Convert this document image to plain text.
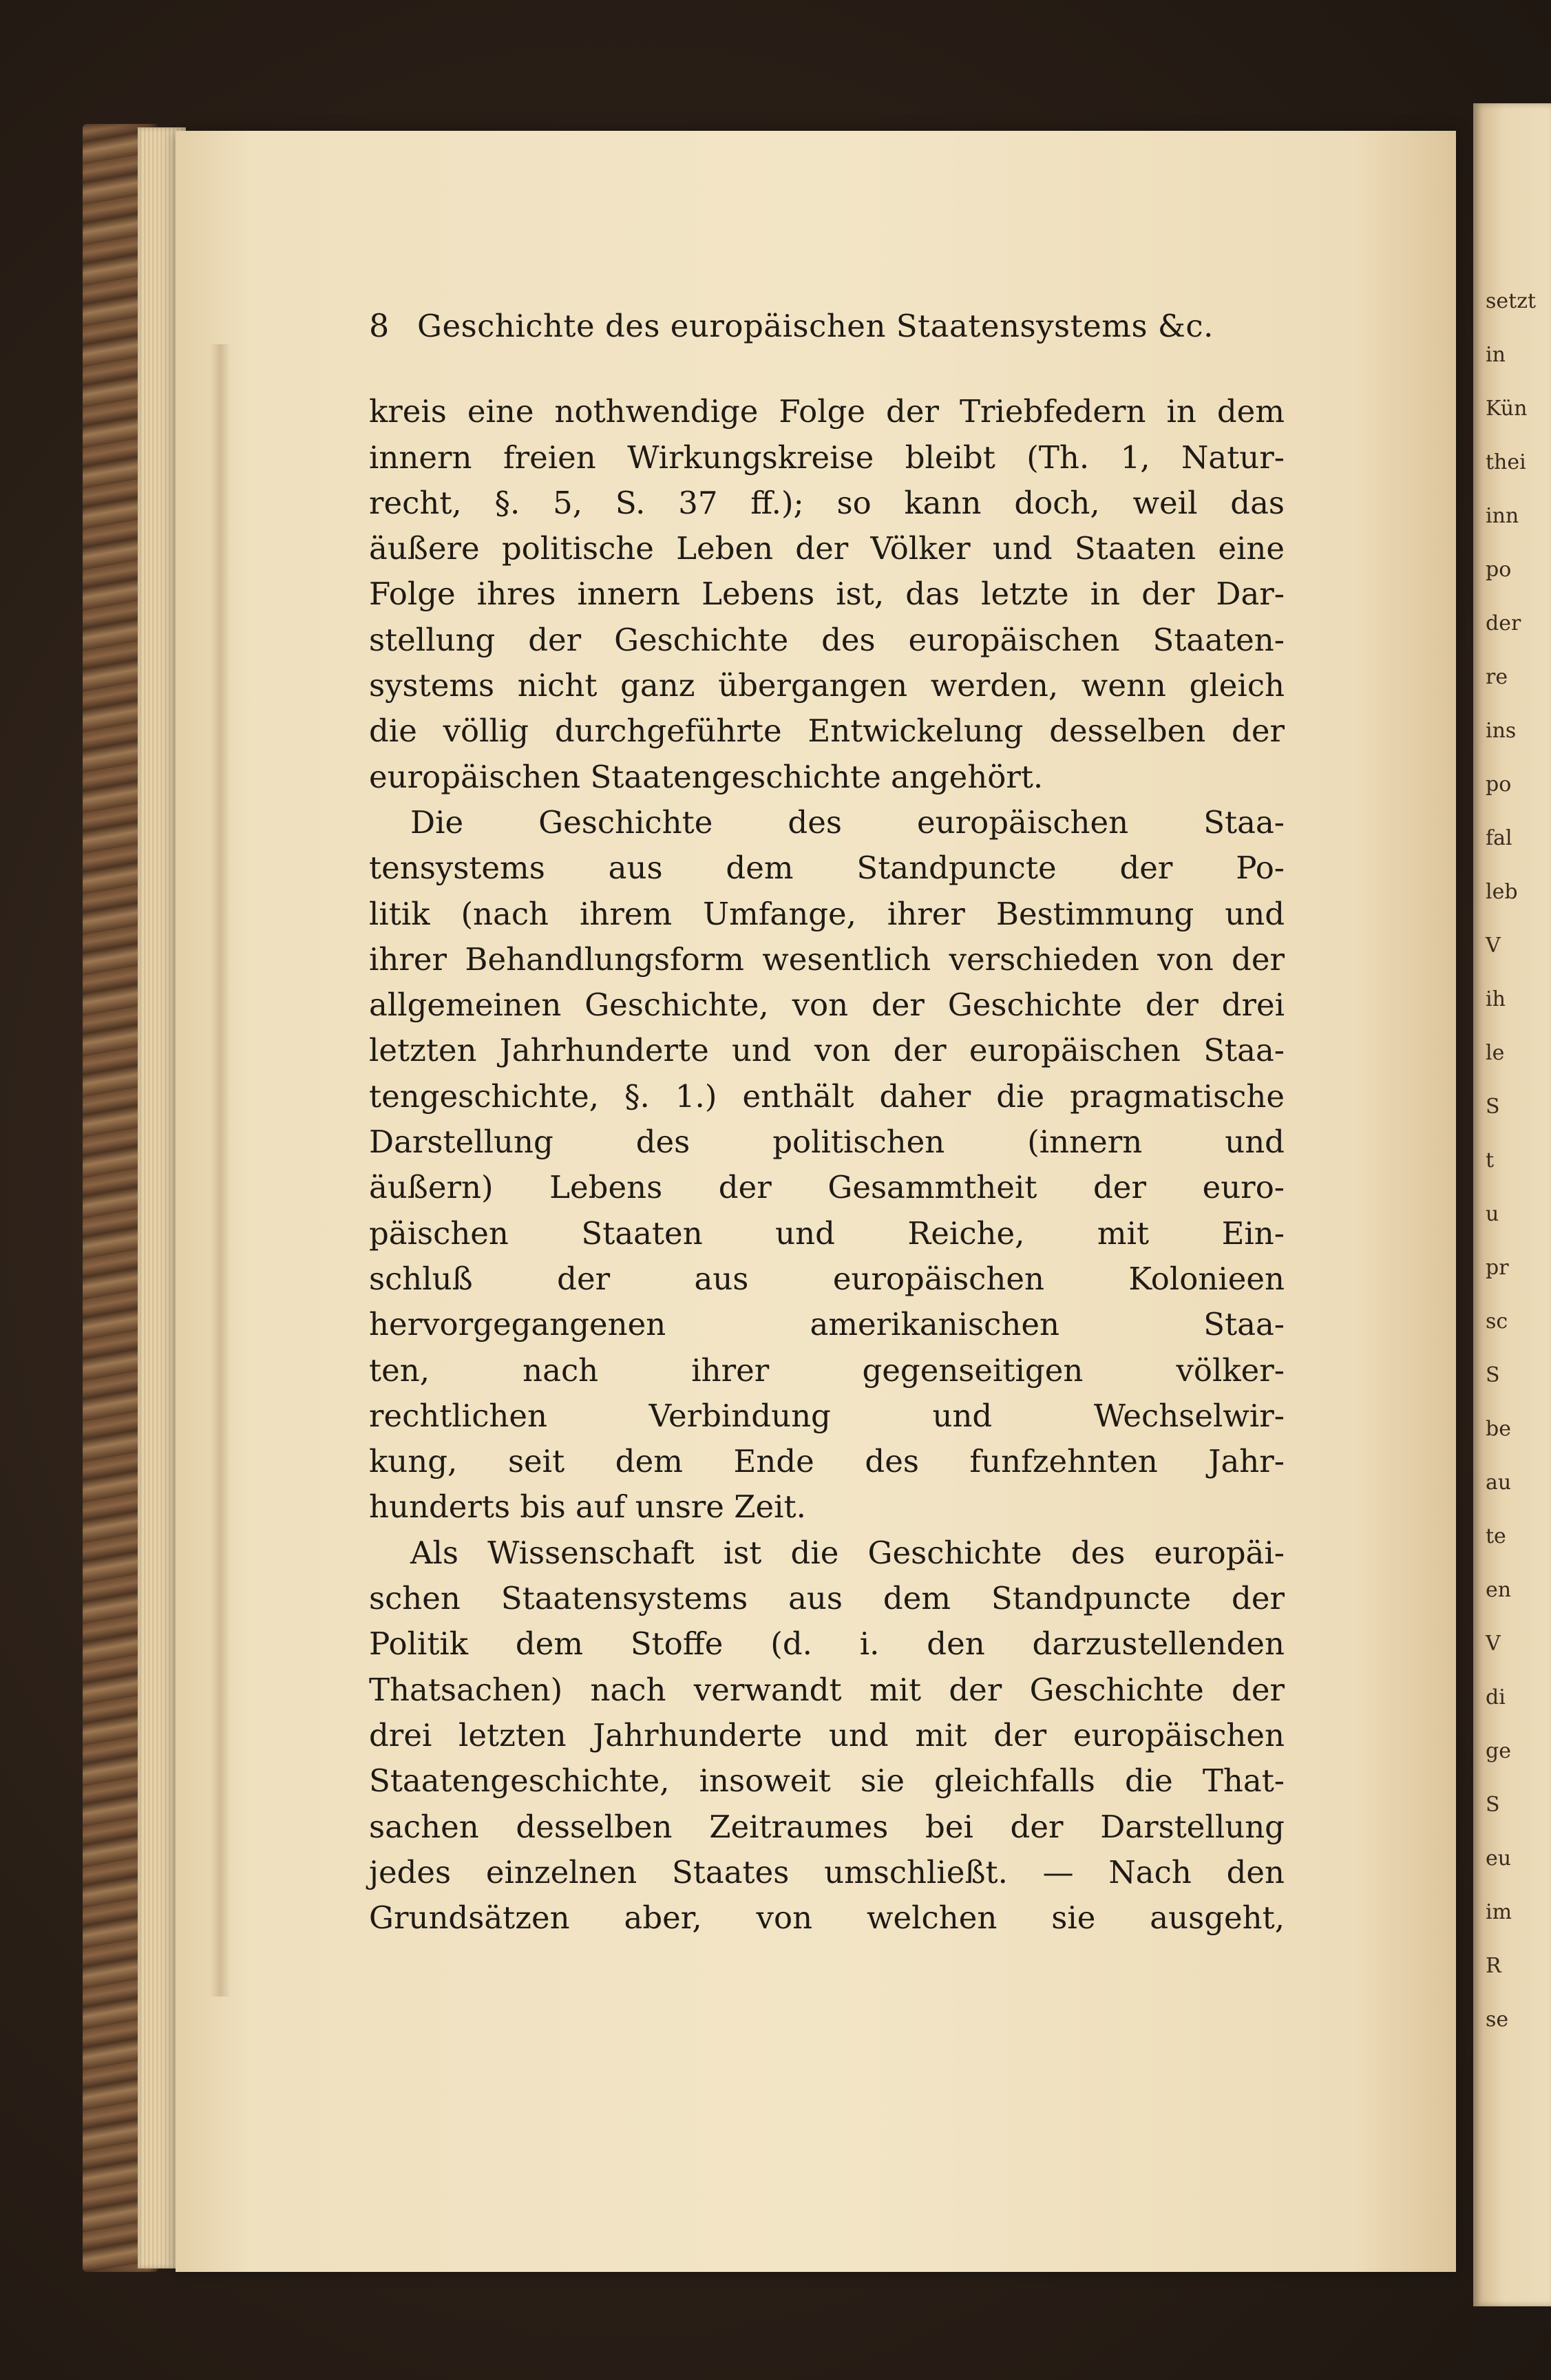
setzt
in
Kün
thei
inn
po
der
re
ins
po
fal
leb
V
ih
le
S
t
u
pr
sc
S
be
au
te
en
V
di
ge
S
eu
im
R
se
8 Geschichte des europäischen Staatensystems &c.
kreis eine nothwendige Folge der Triebfedern in dem
innern freien Wirkungskreise bleibt (Th. 1, Natur-
recht, §. 5, S. 37 ff.); so kann doch, weil das
äußere politische Leben der Völker und Staaten eine
Folge ihres innern Lebens ist, das letzte in der Dar-
stellung der Geschichte des europäischen Staaten-
systems nicht ganz übergangen werden, wenn gleich
die völlig durchgeführte Entwickelung desselben der
europäischen Staatengeschichte angehört.
Die Geschichte des europäischen Staa-
tensystems aus dem Standpuncte der Po-
litik (nach ihrem Umfange, ihrer Bestimmung und
ihrer Behandlungsform wesentlich verschieden von der
allgemeinen Geschichte, von der Geschichte der drei
letzten Jahrhunderte und von der europäischen Staa-
tengeschichte, §. 1.) enthält daher die pragmatische
Darstellung des politischen (innern und
äußern) Lebens der Gesammtheit der euro-
päischen Staaten und Reiche, mit Ein-
schluß der aus europäischen Kolonieen
hervorgegangenen amerikanischen Staa-
ten, nach ihrer gegenseitigen völker-
rechtlichen Verbindung und Wechselwir-
kung, seit dem Ende des funfzehnten Jahr-
hunderts bis auf unsre Zeit.
Als Wissenschaft ist die Geschichte des europäi-
schen Staatensystems aus dem Standpuncte der
Politik dem Stoffe (d. i. den darzustellenden
Thatsachen) nach verwandt mit der Geschichte der
drei letzten Jahrhunderte und mit der europäischen
Staatengeschichte, insoweit sie gleichfalls die That-
sachen desselben Zeitraumes bei der Darstellung
jedes einzelnen Staates umschließt. — Nach den
Grundsätzen aber, von welchen sie ausgeht,
